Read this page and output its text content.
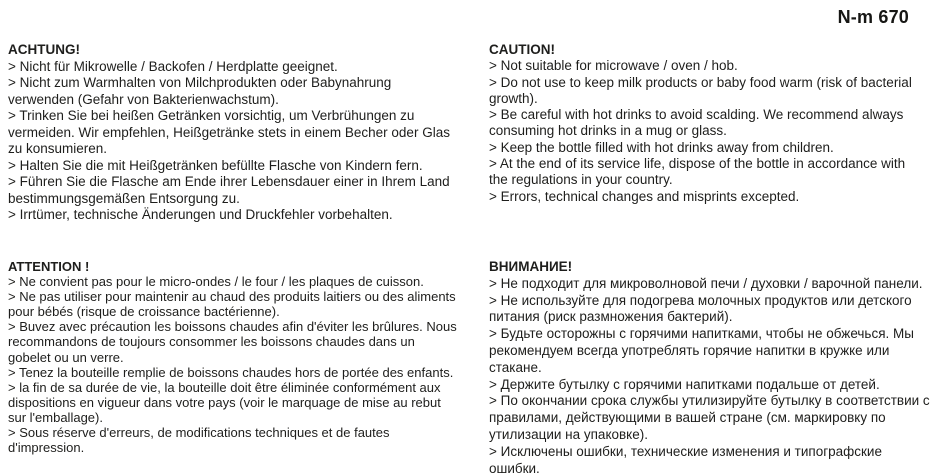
N-m 670
ACHTUNG!

> Nicht für Mikrowelle / Backofen / Herdplatte geeignet.

> Nicht zum Warmhalten von Milchprodukten oder Babynahrung verwenden (Gefahr von Bakterienwachstum).

> Trinken Sie bei heißen Getränken vorsichtig, um Verbrühungen zu vermeiden. Wir empfehlen, Heißgetränke stets in einem Becher oder Glas zu konsumieren.

> Halten Sie die mit Heißgetränken befüllte Flasche von Kindern fern.

> Führen Sie die Flasche am Ende ihrer Lebensdauer einer in Ihrem Land bestimmungsgemäßen Entsorgung zu.

> Irrtümer, technische Änderungen und Druckfehler vorbehalten.

CAUTION!

> Not suitable for microwave / oven / hob.

> Do not use to keep milk products or baby food warm (risk of bacterial growth).

> Be careful with hot drinks to avoid scalding. We recommend always consuming hot drinks in a mug or glass.

> Keep the bottle filled with hot drinks away from children.

> At the end of its service life, dispose of the bottle in accordance with the regulations in your country.

> Errors, technical changes and misprints excepted.

ATTENTION !

> Ne convient pas pour le micro-ondes / le four / les plaques de cuisson.

> Ne pas utiliser pour maintenir au chaud des produits laitiers ou des aliments pour bébés (risque de croissance bactérienne).

> Buvez avec précaution les boissons chaudes afin d'éviter les brûlures. Nous recommandons de toujours consommer les boissons chaudes dans un gobelet ou un verre.

> Tenez la bouteille remplie de boissons chaudes hors de portée des enfants.

> la fin de sa durée de vie, la bouteille doit être éliminée conformément aux dispositions en vigueur dans votre pays (voir le marquage de mise au rebut sur l'emballage).

> Sous réserve d'erreurs, de modifications techniques et de fautes d'impression.

ВНИМАНИЕ!

> Не подходит для микроволновой печи / духовки / варочной панели.

> Не используйте для подогрева молочных продуктов или детского питания (риск размножения бактерий).

> Будьте осторожны с горячими напитками, чтобы не обжечься. Мы рекомендуем всегда употреблять горячие напитки в кружке или стакане.

> Держите бутылку с горячими напитками подальше от детей.

> По окончании срока службы утилизируйте бутылку в соответствии с правилами, действующими в вашей стране (см. маркировку по утилизации на упаковке).

> Исключены ошибки, технические изменения и типографские ошибки.
